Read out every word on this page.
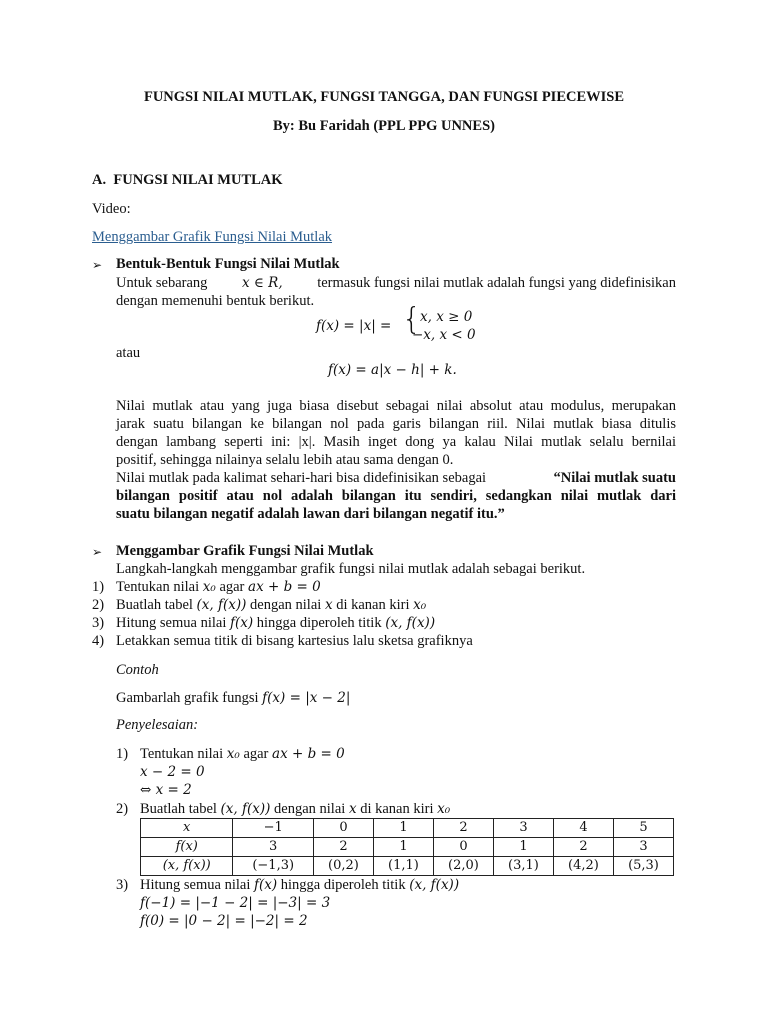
FUNGSI NILAI MUTLAK, FUNGSI TANGGA, DAN FUNGSI PIECEWISE
By: Bu Faridah (PPL PPG UNNES)
A. FUNGSI NILAI MUTLAK
Video:
Menggambar Grafik Fungsi Nilai Mutlak
➢ Bentuk-Bentuk Fungsi Nilai Mutlak
Untuk sebarang	x ∈ R, termasuk fungsi nilai mutlak adalah fungsi yang didefinisikan
dengan memenuhi bentuk berikut.
f(x) = |x| = {
x, x ≥ 0
−x, x < 0
atau
f(x) = a|x − h| + k.
Nilai mutlak atau yang juga biasa disebut sebagai nilai absolut atau modulus, merupakan
jarak suatu bilangan ke bilangan nol pada garis bilangan riil. Nilai mutlak biasa ditulis
dengan lambang seperti ini: |x|. Masih inget dong ya kalau Nilai mutlak selalu bernilai
positif, sehingga nilainya selalu lebih atau sama dengan 0.
Nilai mutlak pada kalimat sehari-hari bisa didefinisikan sebagai	“Nilai mutlak suatu
bilangan positif atau nol adalah bilangan itu sendiri, sedangkan nilai mutlak dari
suatu bilangan negatif adalah lawan dari bilangan negatif itu.”
➢ Menggambar Grafik Fungsi Nilai Mutlak
Langkah-langkah menggambar grafik fungsi nilai mutlak adalah sebagai berikut.
1) Tentukan nilai x₀ agar ax + b = 0
2) Buatlah tabel (x, f(x)) dengan nilai x di kanan kiri x₀
3) Hitung semua nilai f(x) hingga diperoleh titik (x, f(x))
4) Letakkan semua titik di bisang kartesius lalu sketsa grafiknya
Contoh
Gambarlah grafik fungsi f(x) = |x − 2|
Penyelesaian:
1) Tentukan nilai x₀ agar ax + b = 0
x − 2 = 0
⇔ x = 2
2) Buatlah tabel (x, f(x)) dengan nilai x di kanan kiri x₀
x	−1	0	1	2	3	4	5
f(x)	3	2	1	0	1	2	3
(x, f(x))	(−1,3)	(0,2)	(1,1)	(2,0)	(3,1)	(4,2)	(5,3)
3) Hitung semua nilai f(x) hingga diperoleh titik (x, f(x))
f(−1) = |−1 − 2| = |−3| = 3
f(0) = |0 − 2| = |−2| = 2
